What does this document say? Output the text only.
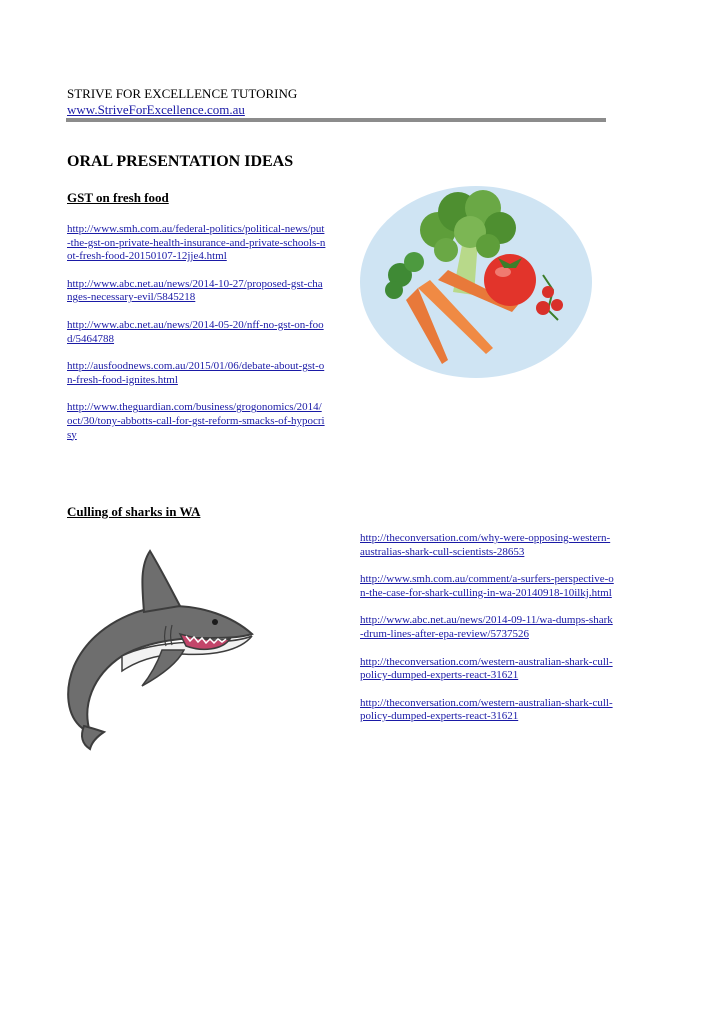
STRIVE FOR EXCELLENCE TUTORING
www.StriveForExcellence.com.au
ORAL PRESENTATION IDEAS
GST on fresh food
http://www.smh.com.au/federal-politics/political-news/put-the-gst-on-private-health-insurance-and-private-schools-not-fresh-food-20150107-12jje4.html
http://www.abc.net.au/news/2014-10-27/proposed-gst-changes-necessary-evil/5845218
http://www.abc.net.au/news/2014-05-20/nff-no-gst-on-food/5464788
http://ausfoodnews.com.au/2015/01/06/debate-about-gst-on-fresh-food-ignites.html
http://www.theguardian.com/business/grogonomics/2014/oct/30/tony-abbotts-call-for-gst-reform-smacks-of-hypocrisy
Culling of sharks in WA
http://theconversation.com/why-were-opposing-western-australias-shark-cull-scientists-28653
http://www.smh.com.au/comment/a-surfers-perspective-on-the-case-for-shark-culling-in-wa-20140918-10ilkj.html
http://www.abc.net.au/news/2014-09-11/wa-dumps-shark-drum-lines-after-epa-review/5737526
http://theconversation.com/western-australian-shark-cull-policy-dumped-experts-react-31621
http://theconversation.com/western-australian-shark-cull-policy-dumped-experts-react-31621
